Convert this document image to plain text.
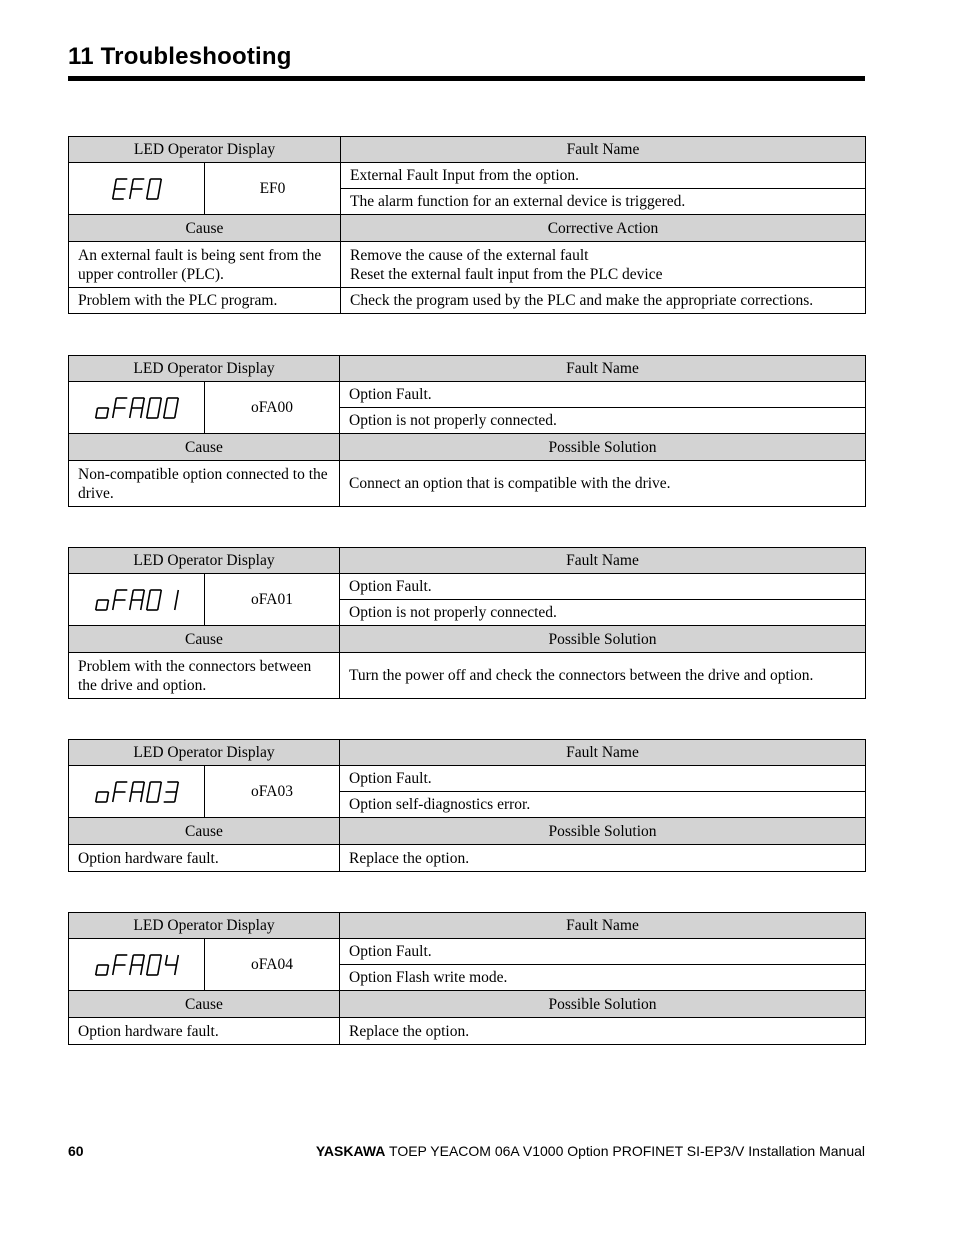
11 Troubleshooting
LED Operator Display		Fault Name

	EF0	External Fault Input from the option.
		The alarm function for an external device is triggered.
Cause		Corrective Action
An external fault is being sent from the upper controller (PLC).		Remove the cause of the external fault
Reset the external fault input from the PLC device

Problem with the PLC program.		Check the program used by the PLC and make the appropriate corrections.
LED Operator Display		Fault Name

	oFA00	Option Fault.
		Option is not properly connected.
Cause		Possible Solution
Non-compatible option connected to the drive.		Connect an option that is compatible with the drive.
LED Operator Display		Fault Name

	oFA01	Option Fault.
		Option is not properly connected.
Cause		Possible Solution
Problem with the connectors between the drive and option.		Turn the power off and check the connectors between the drive and option.
LED Operator Display		Fault Name

	oFA03	Option Fault.
		Option self-diagnostics error.
Cause		Possible Solution
Option hardware fault.		Replace the option.
LED Operator Display		Fault Name

	oFA04	Option Fault.
		Option Flash write mode.
Cause		Possible Solution
Option hardware fault.		Replace the option.
60	YASKAWA TOEP YEACOM 06A V1000 Option PROFINET SI-EP3/V Installation Manual
